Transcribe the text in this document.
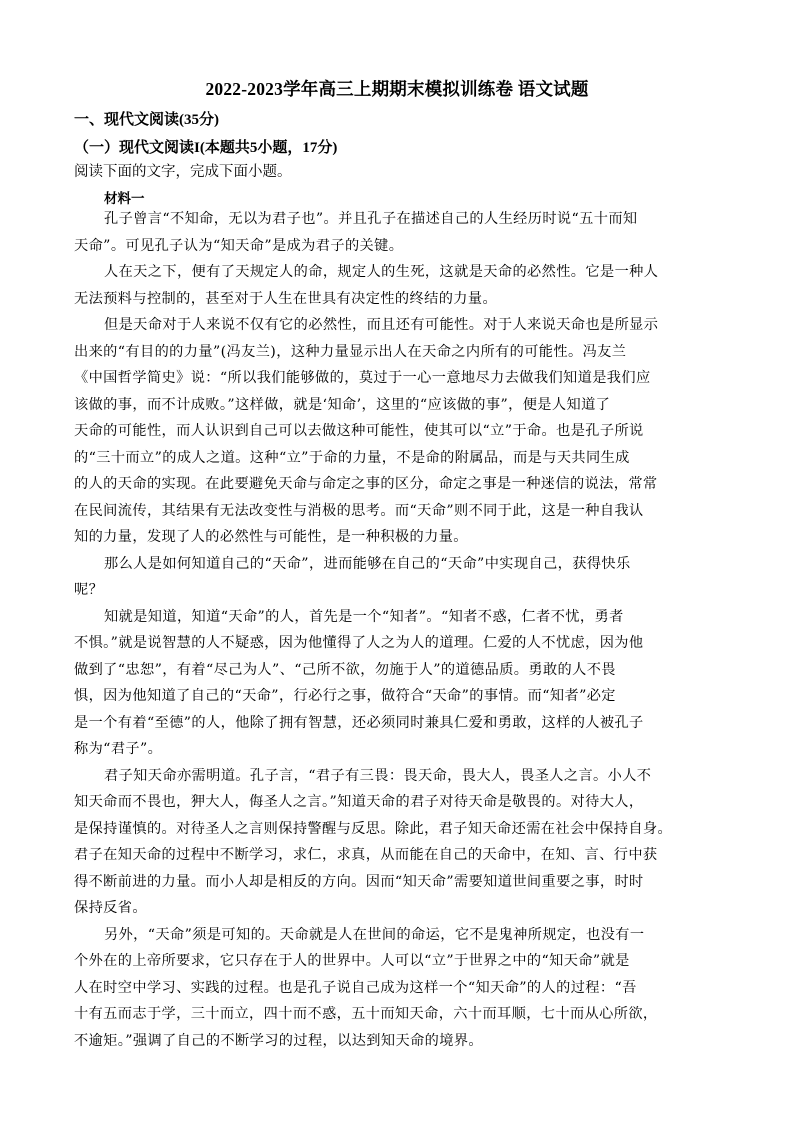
2022-2023学年高三上期期末模拟训练卷 语文试题
一、现代文阅读(35分)
（一）现代文阅读I(本题共5小题，17分)
阅读下面的文字，完成下面小题。
材料一
孔子曾言“不知命，无以为君子也”。并且孔子在描述自己的人生经历时说“五十而知
天命”。可见孔子认为“知天命”是成为君子的关键。
人在天之下，便有了天规定人的命，规定人的生死，这就是天命的必然性。它是一种人
无法预料与控制的，甚至对于人生在世具有决定性的终结的力量。
但是天命对于人来说不仅有它的必然性，而且还有可能性。对于人来说天命也是所显示
出来的“有目的的力量”(冯友兰)，这种力量显示出人在天命之内所有的可能性。冯友兰
《中国哲学简史》说：“所以我们能够做的，莫过于一心一意地尽力去做我们知道是我们应
该做的事，而不计成败。”这样做，就是‘知命’，这里的“应该做的事”，便是人知道了
天命的可能性，而人认识到自己可以去做这种可能性，使其可以“立”于命。也是孔子所说
的“三十而立”的成人之道。这种“立”于命的力量，不是命的附属品，而是与天共同生成
的人的天命的实现。在此要避免天命与命定之事的区分，命定之事是一种迷信的说法，常常
在民间流传，其结果有无法改变性与消极的思考。而“天命”则不同于此，这是一种自我认
知的力量，发现了人的必然性与可能性，是一种积极的力量。
那么人是如何知道自己的“天命”，进而能够在自己的“天命”中实现自己，获得快乐
呢？
知就是知道，知道“天命”的人，首先是一个“知者”。“知者不惑，仁者不忧，勇者
不惧。”就是说智慧的人不疑惑，因为他懂得了人之为人的道理。仁爱的人不忧虑，因为他
做到了“忠恕”，有着“尽己为人”、“己所不欲，勿施于人”的道德品质。勇敢的人不畏
惧，因为他知道了自己的“天命”，行必行之事，做符合“天命”的事情。而“知者”必定
是一个有着“至德”的人，他除了拥有智慧，还必须同时兼具仁爱和勇敢，这样的人被孔子
称为“君子”。
君子知天命亦需明道。孔子言，“君子有三畏：畏天命，畏大人，畏圣人之言。小人不
知天命而不畏也，狎大人，侮圣人之言。”知道天命的君子对待天命是敬畏的。对待大人，
是保持谨慎的。对待圣人之言则保持警醒与反思。除此，君子知天命还需在社会中保持自身。
君子在知天命的过程中不断学习，求仁，求真，从而能在自己的天命中，在知、言、行中获
得不断前进的力量。而小人却是相反的方向。因而“知天命”需要知道世间重要之事，时时
保持反省。
另外，“天命”须是可知的。天命就是人在世间的命运，它不是鬼神所规定，也没有一
个外在的上帝所要求，它只存在于人的世界中。人可以“立”于世界之中的“知天命”就是
人在时空中学习、实践的过程。也是孔子说自己成为这样一个“知天命”的人的过程：“吾
十有五而志于学，三十而立，四十而不惑，五十而知天命，六十而耳顺，七十而从心所欲，
不逾矩。”强调了自己的不断学习的过程，以达到知天命的境界。
